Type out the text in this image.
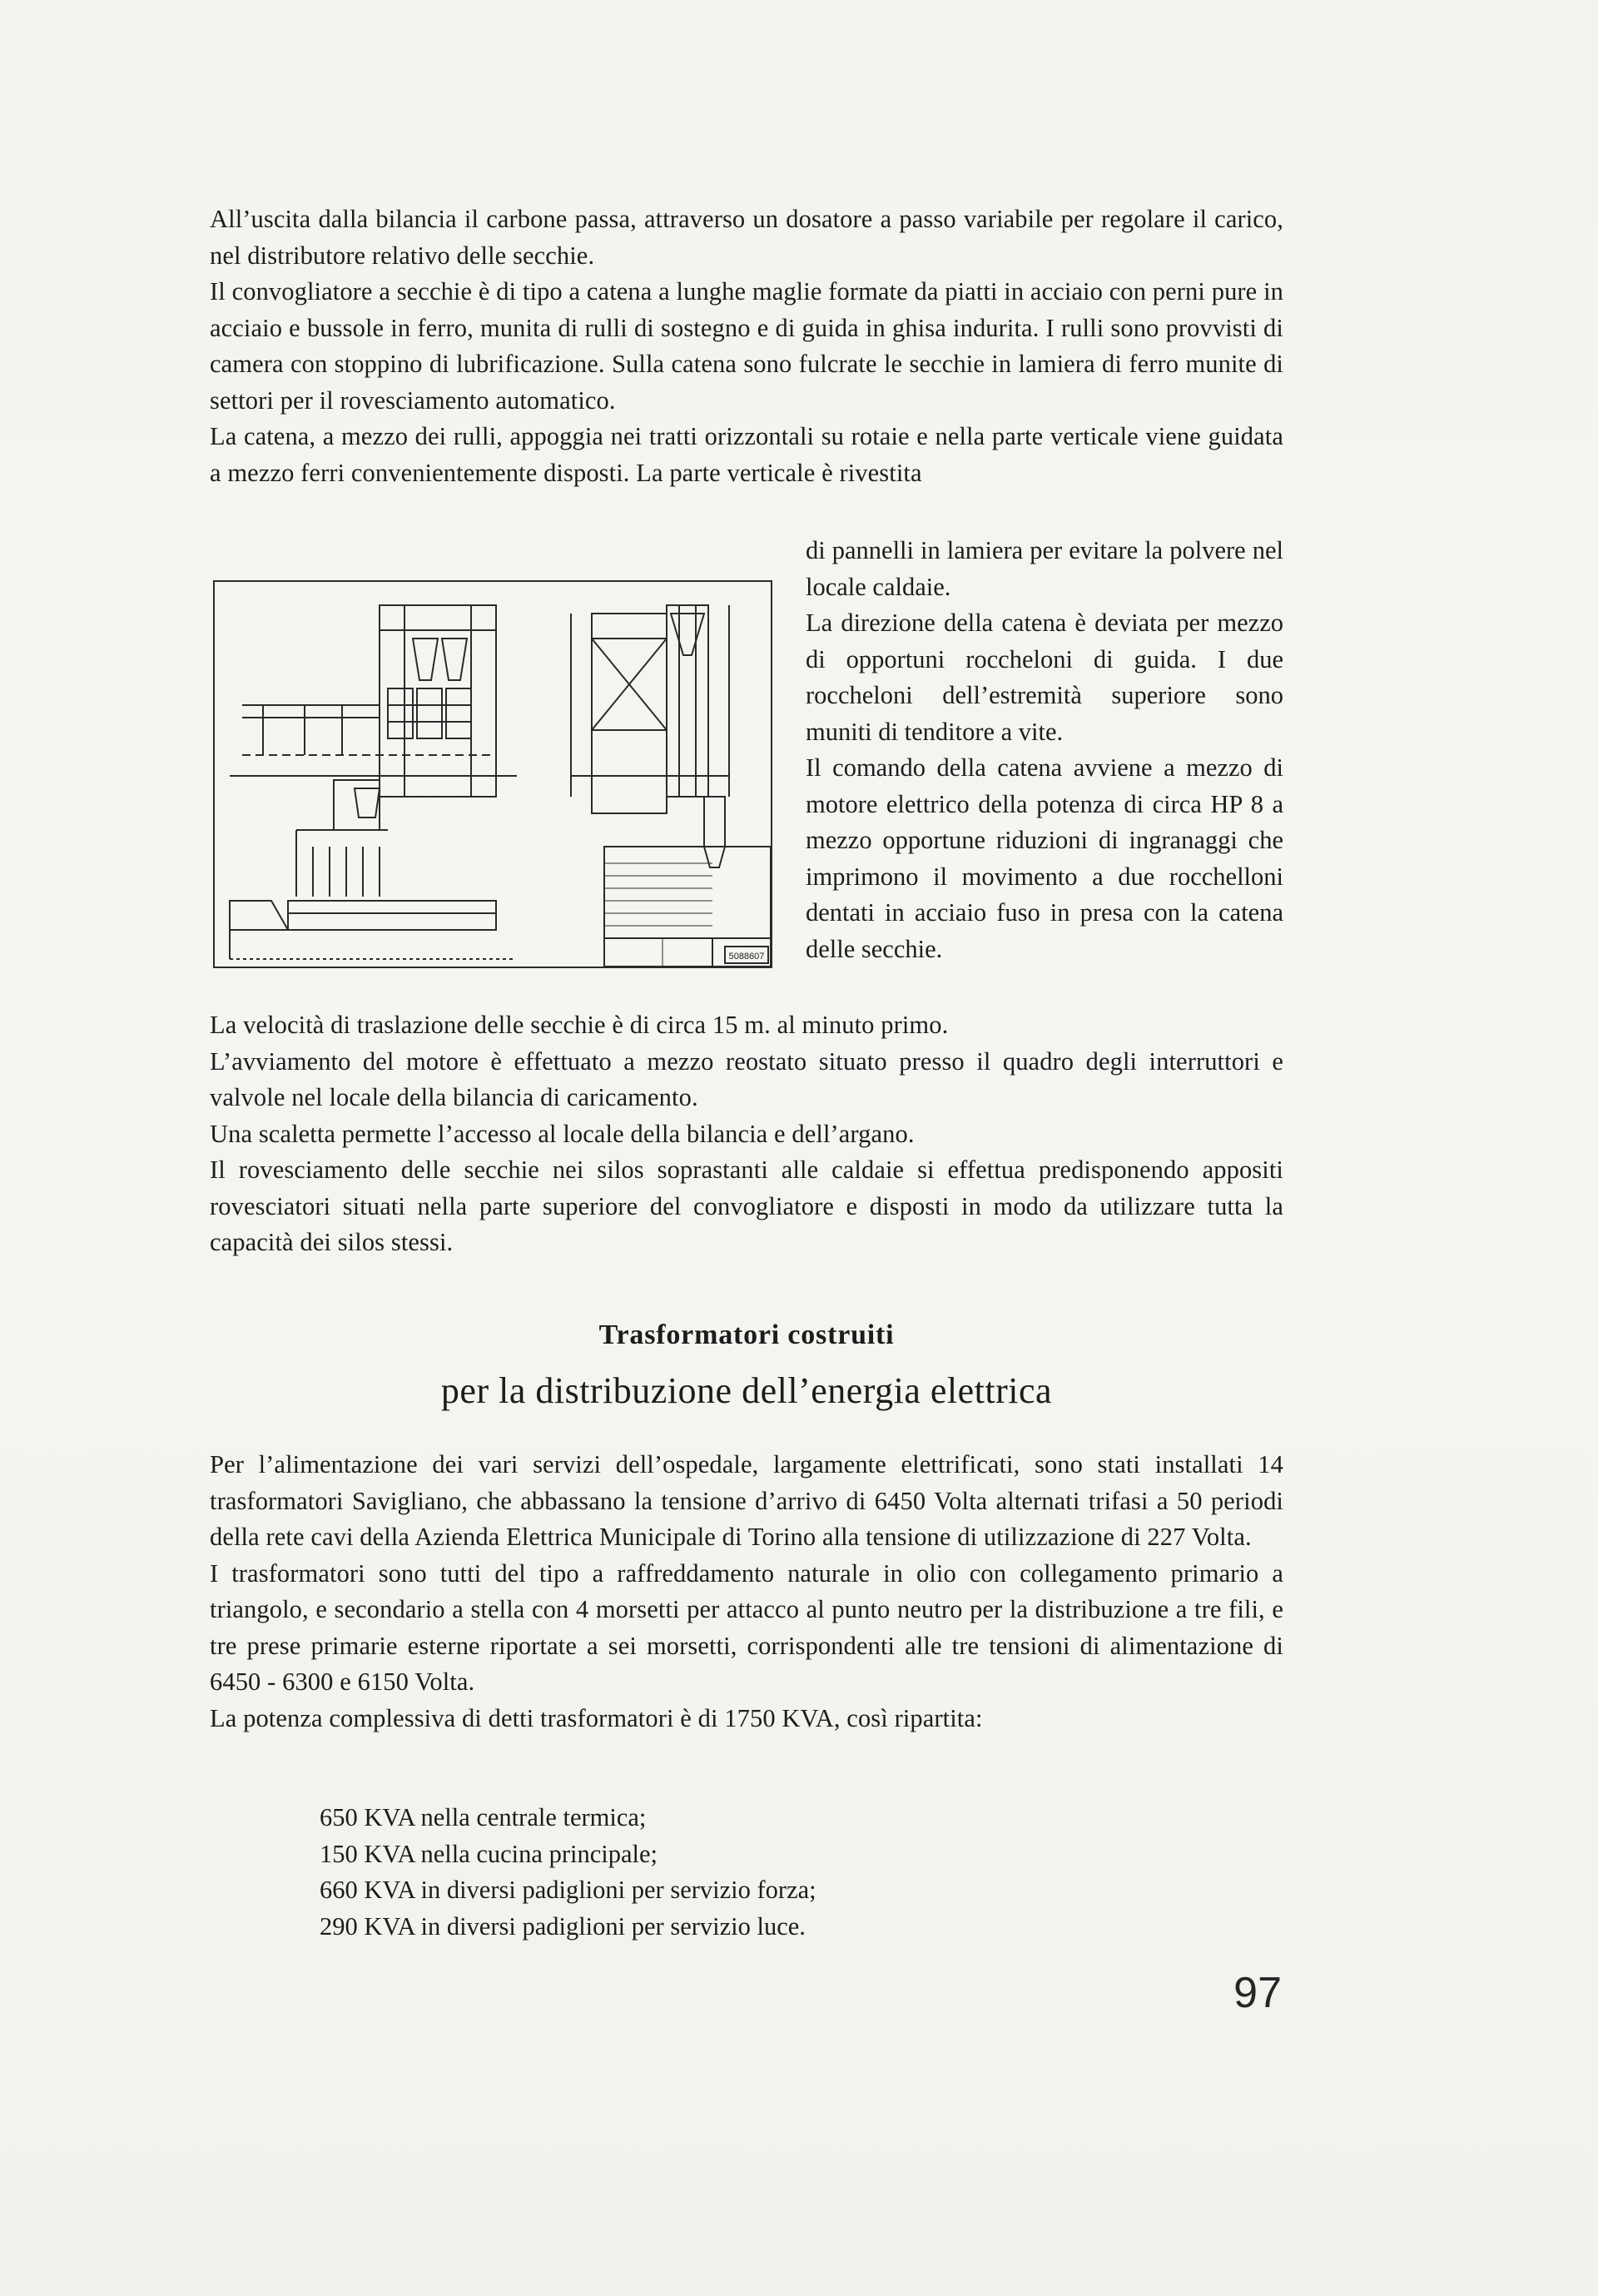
All’uscita dalla bilancia il carbone passa, attraverso un dosatore a passo variabile per regolare il carico, nel distributore relativo delle secchie.

Il convogliatore a secchie è di tipo a catena a lunghe maglie formate da piatti in acciaio con perni pure in acciaio e bussole in ferro, munita di rulli di sostegno e di guida in ghisa indurita. I rulli sono provvisti di camera con stoppino di lubrificazione. Sulla catena sono fulcrate le secchie in lamiera di ferro munite di settori per il rovesciamento automatico.

La catena, a mezzo dei rulli, appoggia nei tratti orizzontali su rotaie e nella parte verticale viene guidata a mezzo ferri convenientemente disposti. La parte verticale è rivestita

5088607

di pannelli in lamiera per evitare la polvere nel locale caldaie.

La direzione della catena è deviata per mezzo di opportuni roccheloni di guida. I due roccheloni dell’estremità superiore sono muniti di tenditore a vite.

Il comando della catena avviene a mezzo di motore elettrico della potenza di circa HP 8 a mezzo opportune riduzioni di ingranaggi che imprimono il movimento a due rocchelloni dentati in acciaio fuso in presa con la catena delle secchie.

La velocità di traslazione delle secchie è di circa 15 m. al minuto primo.

L’avviamento del motore è effettuato a mezzo reostato situato presso il quadro degli interruttori e valvole nel locale della bilancia di caricamento.

Una scaletta permette l’accesso al locale della bilancia e dell’argano.

Il rovesciamento delle secchie nei silos soprastanti alle caldaie si effettua predisponendo appositi rovesciatori situati nella parte superiore del convogliatore e disposti in modo da utilizzare tutta la capacità dei silos stessi.

Trasformatori costruiti
per la distribuzione dell’energia elettrica

Per l’alimentazione dei vari servizi dell’ospedale, largamente elettrificati, sono stati installati 14 trasformatori Savigliano, che abbassano la tensione d’arrivo di 6450 Volta alternati trifasi a 50 periodi della rete cavi della Azienda Elettrica Municipale di Torino alla tensione di utilizzazione di 227 Volta.

I trasformatori sono tutti del tipo a raffreddamento naturale in olio con collegamento primario a triangolo, e secondario a stella con 4 morsetti per attacco al punto neutro per la distribuzione a tre fili, e tre prese primarie esterne riportate a sei morsetti, corrispondenti alle tre tensioni di alimentazione di 6450 - 6300 e 6150 Volta.

La potenza complessiva di detti trasformatori è di 1750 KVA, così ripartita:

650 KVA nella centrale termica;
150 KVA nella cucina principale;
660 KVA in diversi padiglioni per servizio forza;
290 KVA in diversi padiglioni per servizio luce.
97
